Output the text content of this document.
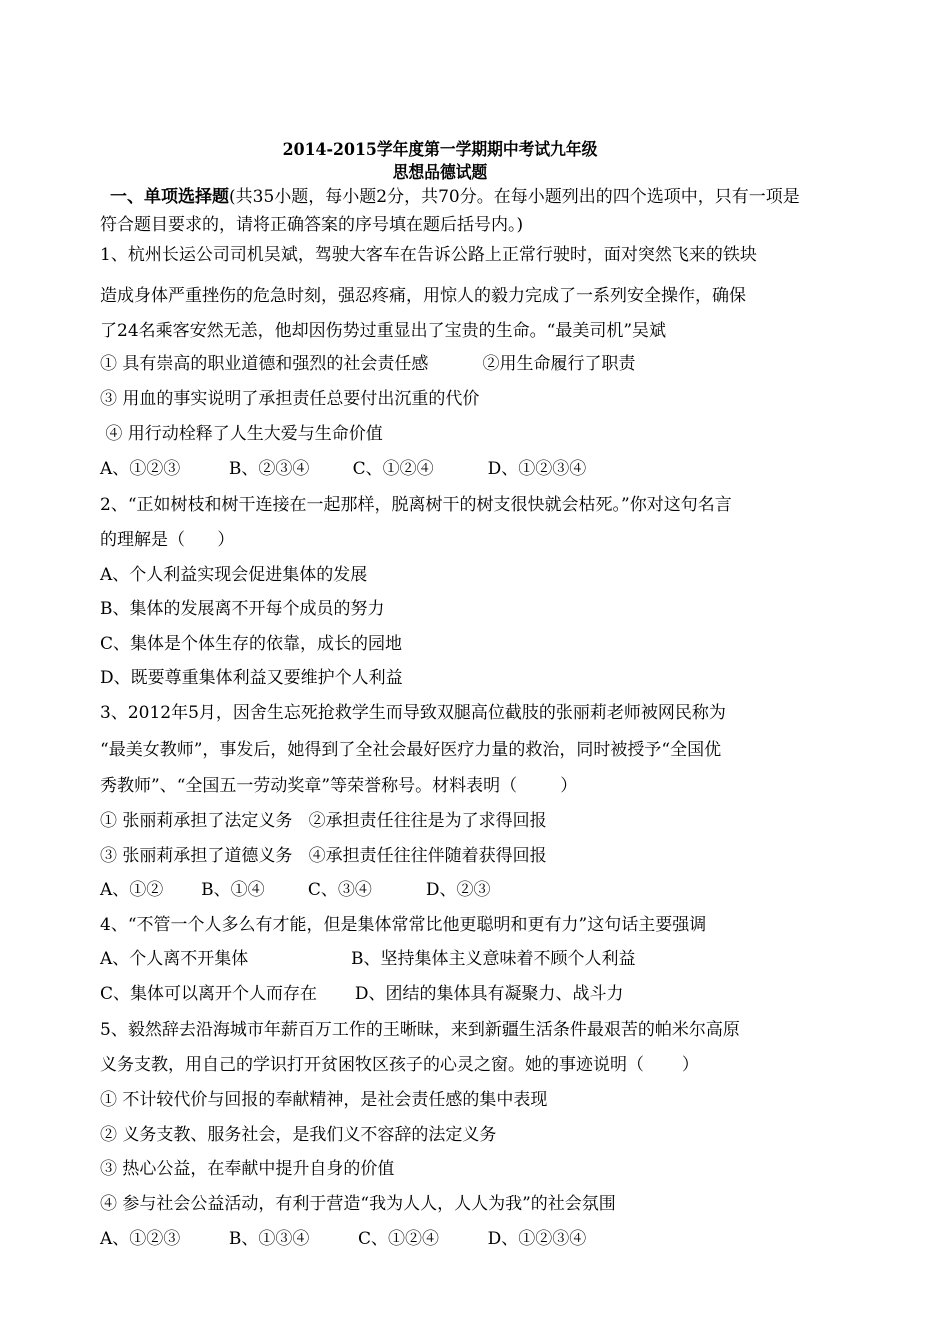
2014-2015学年度第一学期期中考试九年级
思想品德试题
一、单项选择题(共35小题，每小题2分，共70分。在每小题列出的四个选项中，只有一项是
符合题目要求的，请将正确答案的序号填在题后括号内。)
1、杭州长运公司司机吴斌，驾驶大客车在告诉公路上正常行驶时，面对突然飞来的铁块
造成身体严重挫伤的危急时刻，强忍疼痛，用惊人的毅力完成了一系列安全操作，确保
了24名乘客安然无恙，他却因伤势过重显出了宝贵的生命。“最美司机”吴斌
① 具有崇高的职业道德和强烈的社会责任感          ②用生命履行了职责
③ 用血的事实说明了承担责任总要付出沉重的代价
④ 用行动栓释了人生大爱与生命价值
A、①②③         B、②③④        C、①②④          D、①②③④
2、“正如树枝和树干连接在一起那样，脱离树干的树支很快就会枯死。”你对这句名言
的理解是（      ）
A、个人利益实现会促进集体的发展
B、集体的发展离不开每个成员的努力
C、集体是个体生存的依靠，成长的园地
D、既要尊重集体利益又要维护个人利益
3、2012年5月，因舍生忘死抢救学生而导致双腿高位截肢的张丽莉老师被网民称为
“最美女教师”，事发后，她得到了全社会最好医疗力量的救治，同时被授予“全国优
秀教师”、“全国五一劳动奖章”等荣誉称号。材料表明（        ）
① 张丽莉承担了法定义务   ②承担责任往往是为了求得回报
③ 张丽莉承担了道德义务   ④承担责任往往伴随着获得回报
A、①②       B、①④        C、③④          D、②③
4、“不管一个人多么有才能，但是集体常常比他更聪明和更有力”这句话主要强调
A、个人离不开集体                   B、坚持集体主义意味着不顾个人利益
C、集体可以离开个人而存在       D、团结的集体具有凝聚力、战斗力
5、毅然辞去沿海城市年薪百万工作的王晰昧，来到新疆生活条件最艰苦的帕米尔高原
义务支教，用自己的学识打开贫困牧区孩子的心灵之窗。她的事迹说明（       ）
① 不计较代价与回报的奉献精神，是社会责任感的集中表现
② 义务支教、服务社会，是我们义不容辞的法定义务
③ 热心公益，在奉献中提升自身的价值
④ 参与社会公益活动，有利于营造“我为人人，人人为我”的社会氛围
A、①②③         B、①③④         C、①②④         D、①②③④
